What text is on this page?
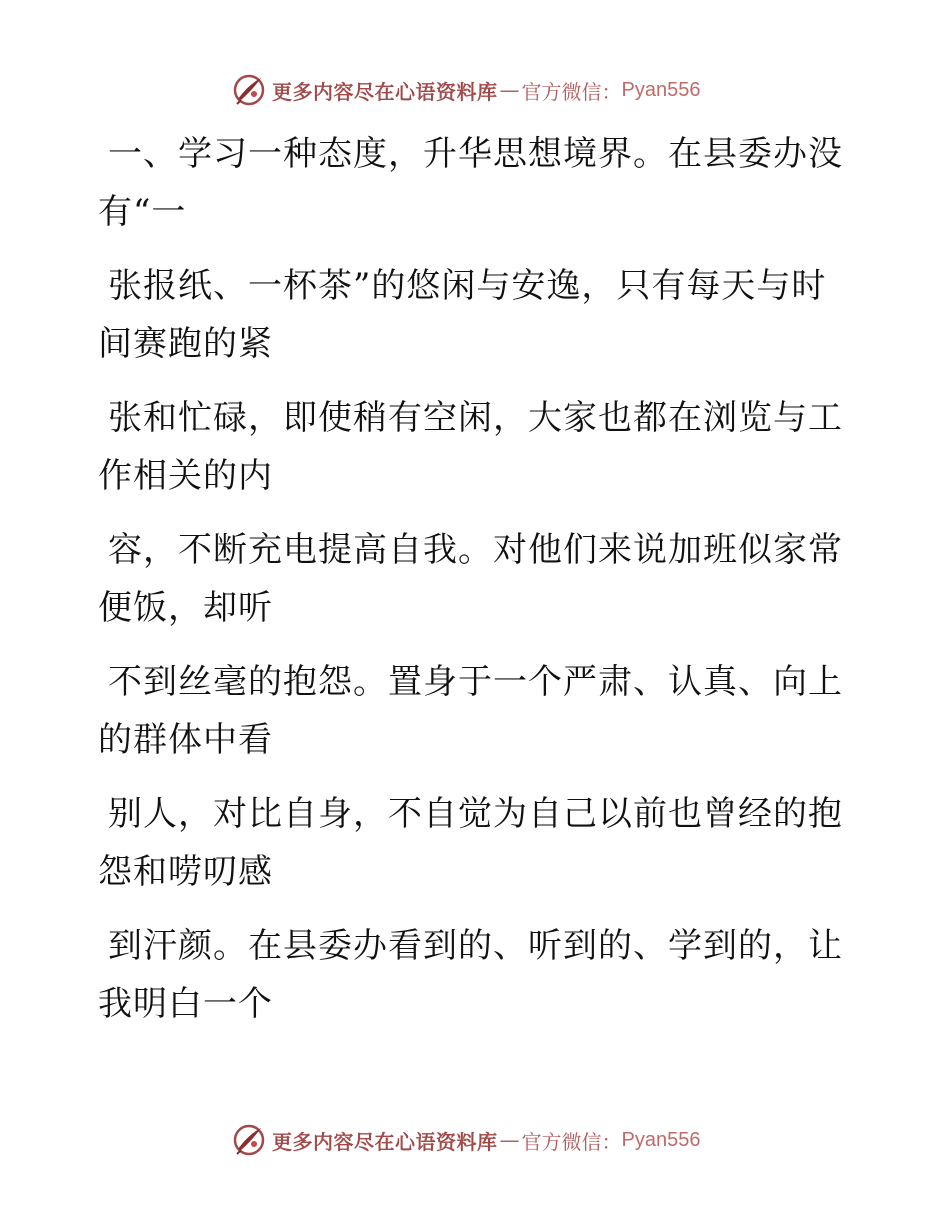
更多内容尽在心语资料库 — 官方微信： Pyan556
一、学习一种态度，升华思想境界。在县委办没
有“一
张报纸、一杯茶”的悠闲与安逸，只有每天与时
间赛跑的紧
张和忙碌，即使稍有空闲，大家也都在浏览与工
作相关的内
容，不断充电提高自我。对他们来说加班似家常
便饭，却听
不到丝毫的抱怨。置身于一个严肃、认真、向上
的群体中看
别人，对比自身，不自觉为自己以前也曾经的抱
怨和唠叨感
到汗颜。在县委办看到的、听到的、学到的，让
我明白一个
更多内容尽在心语资料库 — 官方微信： Pyan556
